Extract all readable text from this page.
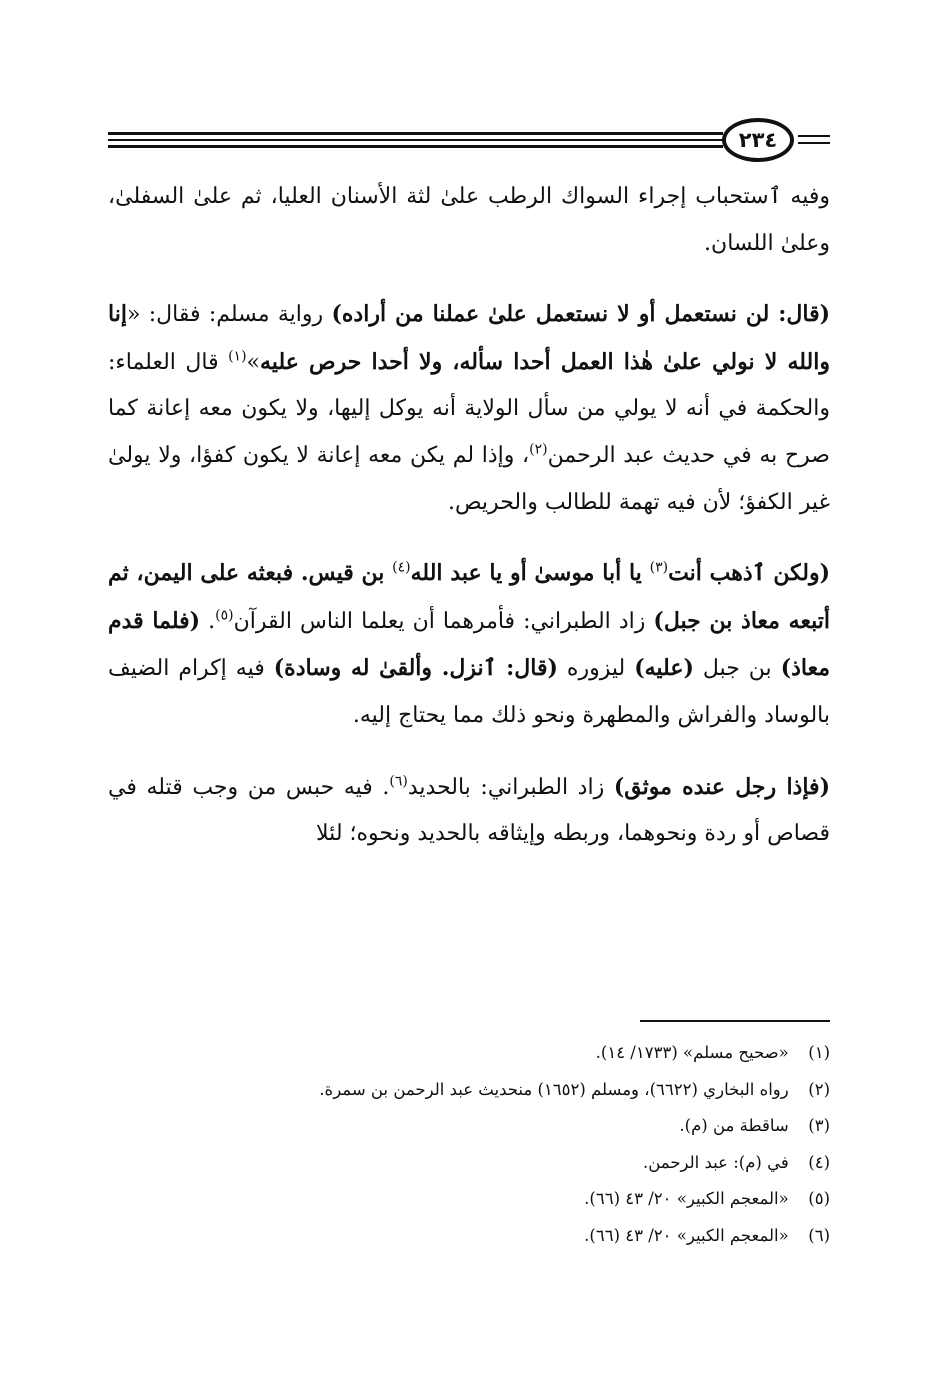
٢٣٤

وفيه ٱستحباب إجراء السواك الرطب علىٰ لثة الأسنان العليا، ثم علىٰ السفلىٰ، وعلىٰ اللسان.

(قال: لن نستعمل أو لا نستعمل علىٰ عملنا من أراده) رواية مسلم: فقال: «إنا والله لا نولي علىٰ هٰذا العمل أحدا سأله، ولا أحدا حرص عليه»$^{(١)}$ قال العلماء: والحكمة في أنه لا يولي من سأل الولاية أنه يوكل إليها، ولا يكون معه إعانة كما صرح به في حديث عبد الرحمن$^{(٢)}$، وإذا لم يكن معه إعانة لا يكون كفؤا، ولا يولىٰ غير الكفؤ؛ لأن فيه تهمة للطالب والحريص.

(ولكن ٱذهب أنت$^{(٣)}$ يا أبا موسىٰ أو يا عبد الله$^{(٤)}$ بن قيس. فبعثه على اليمن، ثم أتبعه معاذ بن جبل) زاد الطبراني: فأمرهما أن يعلما الناس القرآن$^{(٥)}$. (فلما قدم معاذ) بن جبل (عليه) ليزوره (قال: ٱنزل. وألقىٰ له وسادة) فيه إكرام الضيف بالوساد والفراش والمطهرة ونحو ذلك مما يحتاج إليه.

(فإذا رجل عنده موثق) زاد الطبراني: بالحديد$^{(٦)}$. فيه حبس من وجب قتله في قصاص أو ردة ونحوهما، وربطه وإيثاقه بالحديد ونحوه؛ لئلا

(١) «صحيح مسلم» (١٧٣٣/ ١٤).
(٢) رواه البخاري (٦٦٢٢)، ومسلم (١٦٥٢) منحديث عبد الرحمن بن سمرة.
(٣) ساقطة من (م).
(٤) في (م): عبد الرحمن.
(٥) «المعجم الكبير» ٢٠/ ٤٣ (٦٦).
(٦) «المعجم الكبير» ٢٠/ ٤٣ (٦٦).
